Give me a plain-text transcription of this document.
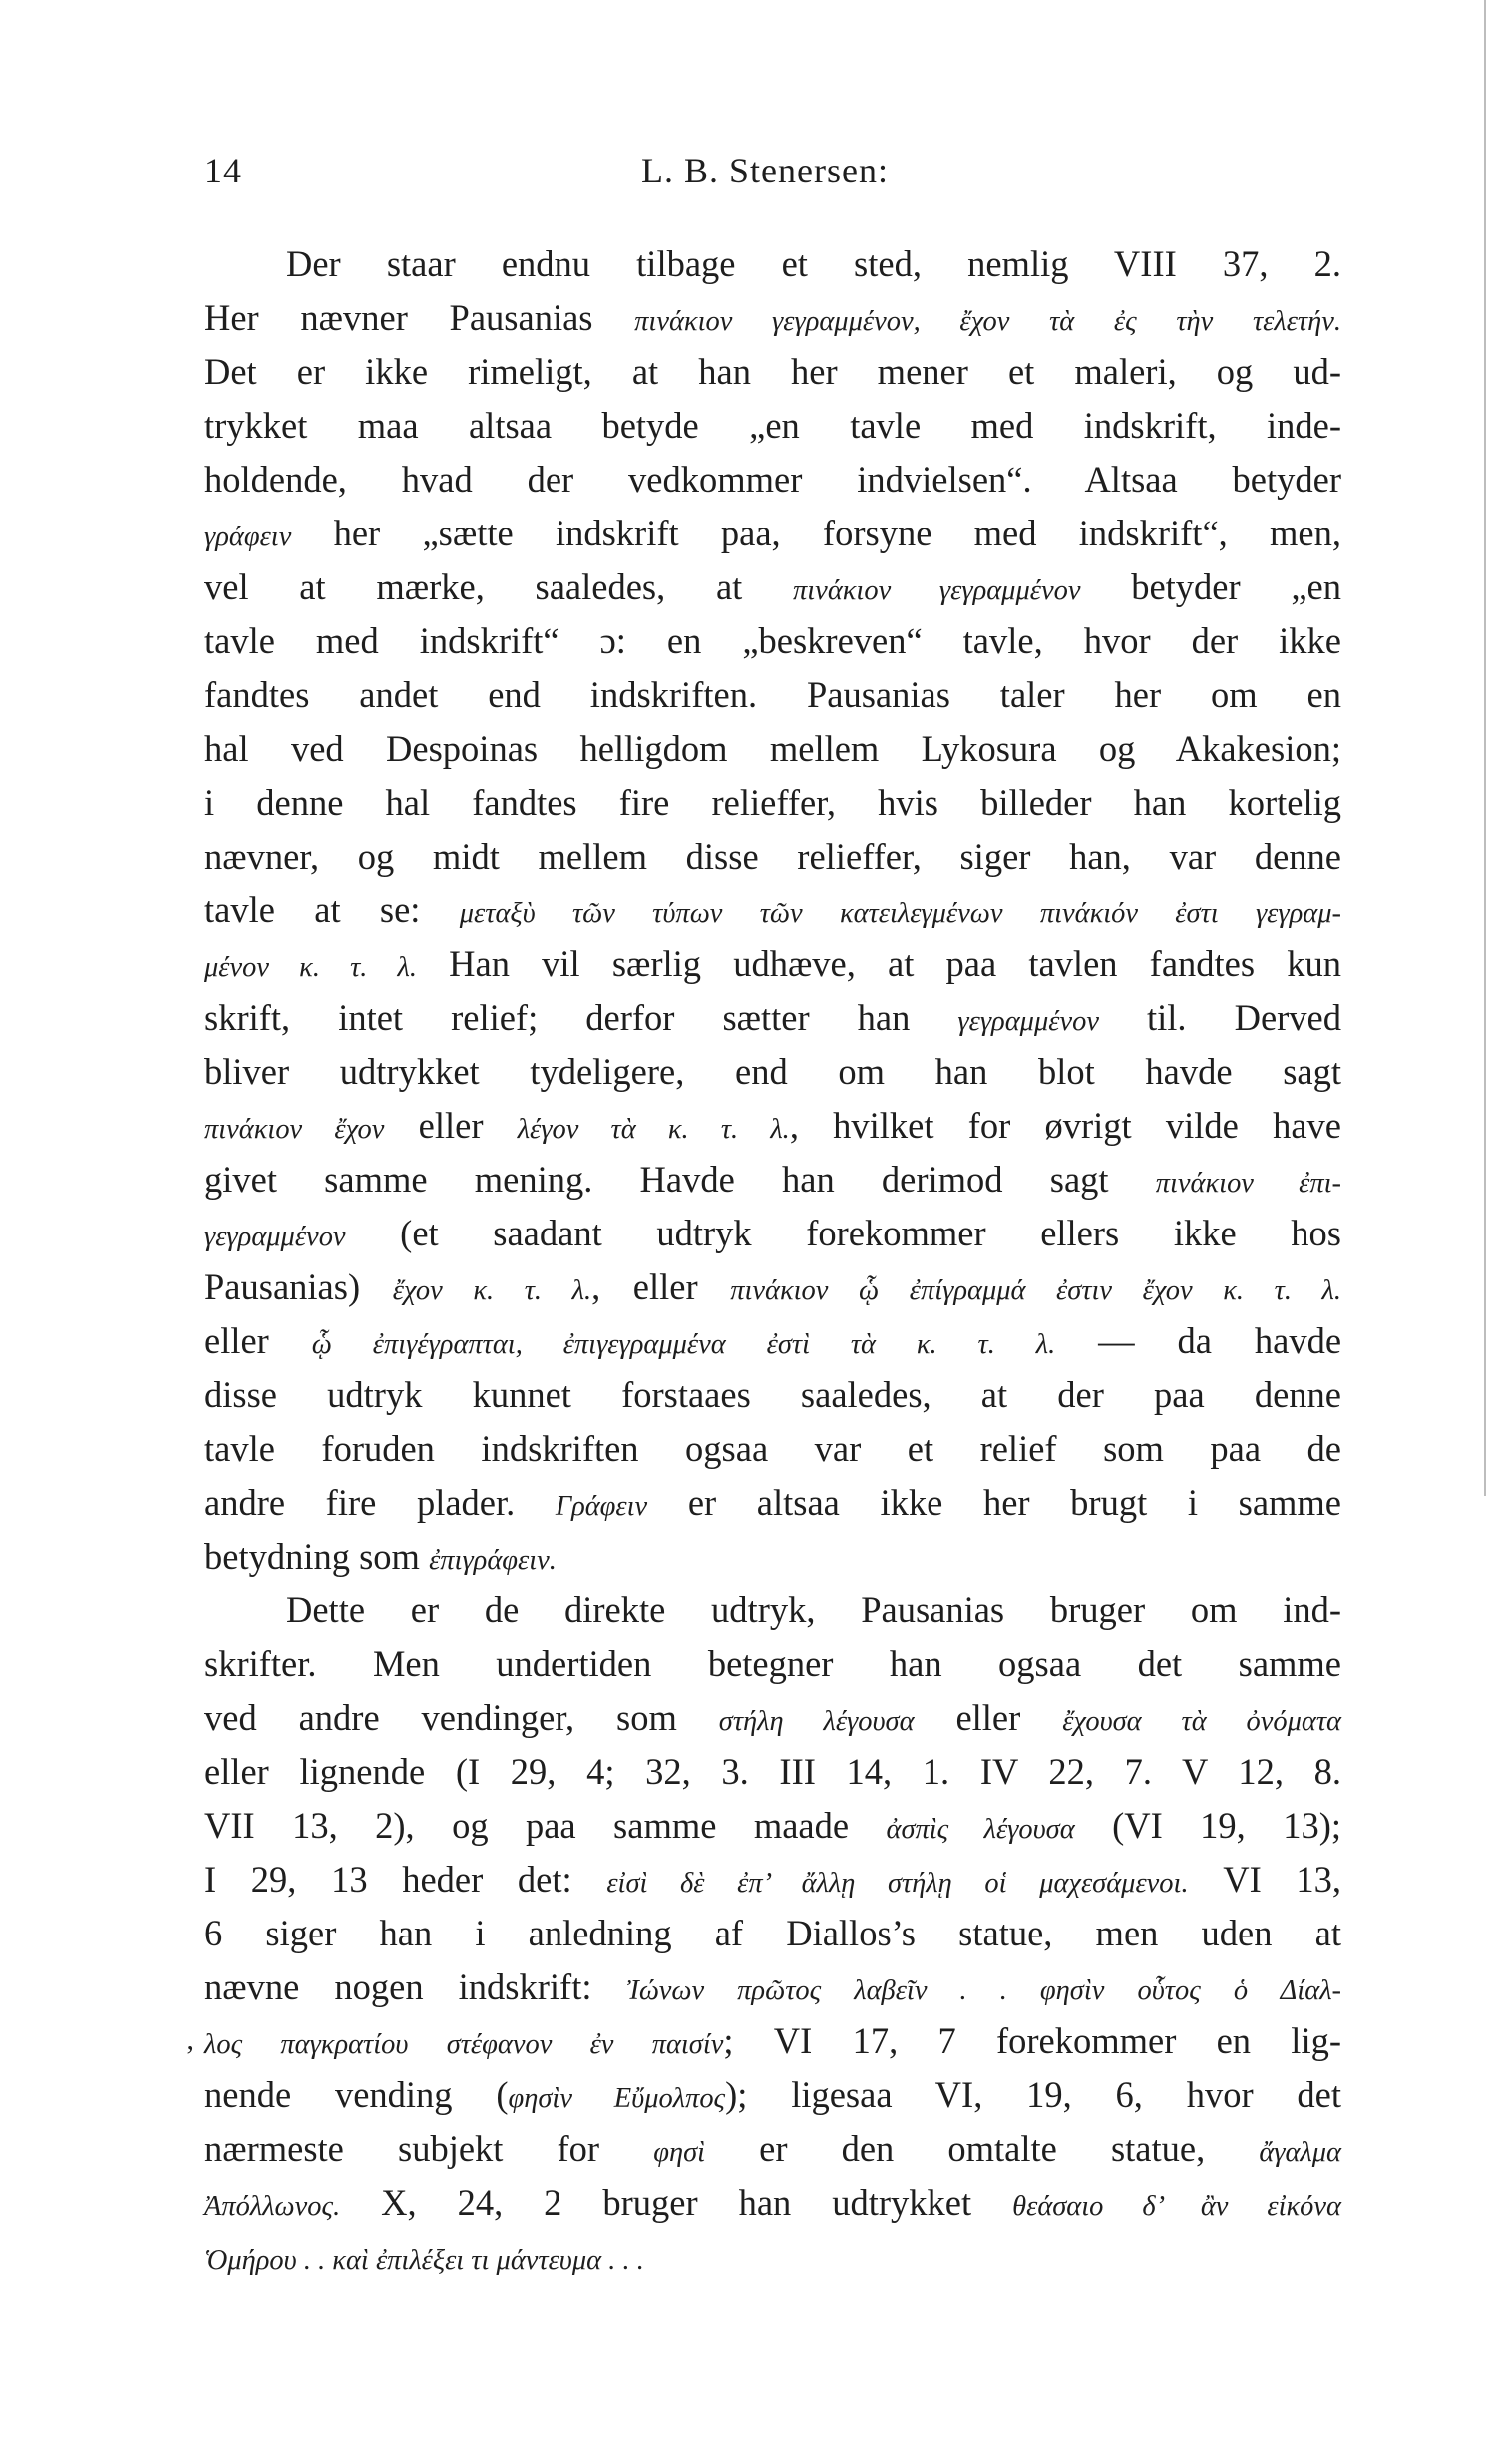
14	L. B. Stenersen:
‚
Der staar endnu tilbage et sted, nemlig VIII 37, 2.
Her nævner Pausanias πινάκιον γεγραμμένον, ἔχον τὰ ἐς τὴν τελετήν.
Det er ikke rimeligt, at han her mener et maleri, og ud-
trykket maa altsaa betyde „en tavle med indskrift, inde-
holdende, hvad der vedkommer indvielsen“. Altsaa betyder
γράφειν her „sætte indskrift paa, forsyne med indskrift“, men,
vel at mærke, saaledes, at πινάκιον γεγραμμένον betyder „en
tavle med indskrift“ ɔ: en „beskreven“ tavle, hvor der ikke
fandtes andet end indskriften. Pausanias taler her om en
hal ved Despoinas helligdom mellem Lykosura og Akakesion;
i denne hal fandtes fire relieffer, hvis billeder han kortelig
nævner, og midt mellem disse relieffer, siger han, var denne
tavle at se: μεταξὺ τῶν τύπων τῶν κατειλεγμένων πινάκιόν ἐστι γεγραμ-
μένον κ. τ. λ. Han vil særlig udhæve, at paa tavlen fandtes kun
skrift, intet relief; derfor sætter han γεγραμμένον til. Derved
bliver udtrykket tydeligere, end om han blot havde sagt
πινάκιον ἔχον eller λέγον τὰ κ. τ. λ., hvilket for øvrigt vilde have
givet samme mening. Havde han derimod sagt πινάκιον ἐπι-
γεγραμμένον (et saadant udtryk forekommer ellers ikke hos
Pausanias) ἔχον κ. τ. λ., eller πινάκιον ᾧ ἐπίγραμμά ἐστιν ἔχον κ. τ. λ.
eller ᾧ ἐπιγέγραπται, ἐπιγεγραμμένα ἐστὶ τὰ κ. τ. λ. — da havde
disse udtryk kunnet forstaaes saaledes, at der paa denne
tavle foruden indskriften ogsaa var et relief som paa de
andre fire plader. Γράφειν er altsaa ikke her brugt i samme
betydning som ἐπιγράφειν.
Dette er de direkte udtryk, Pausanias bruger om ind-
skrifter. Men undertiden betegner han ogsaa det samme
ved andre vendinger, som στήλη λέγουσα eller ἔχουσα τὰ ὀνόματα
eller lignende (I 29, 4; 32, 3. III 14, 1. IV 22, 7. V 12, 8.
VII 13, 2), og paa samme maade ἀσπὶς λέγουσα (VI 19, 13);
I 29, 13 heder det: εἰσὶ δὲ ἐπ’ ἄλλῃ στήλῃ οἱ μαχεσάμενοι. VI 13,
6 siger han i anledning af Diallos’s statue, men uden at
nævne nogen indskrift: Ἰώνων πρῶτος λαβεῖν . . φησὶν οὗτος ὁ Δίαλ-
λος παγκρατίου στέφανον ἐν παισίν; VI 17, 7 forekommer en lig-
nende vending (φησὶν Εὔμολπος); ligesaa VI, 19, 6, hvor det
nærmeste subjekt for φησὶ er den omtalte statue, ἄγαλμα
Ἀπόλλωνος. X, 24, 2 bruger han udtrykket θεάσαιο δ’ ἂν εἰκόνα
Ὁμήρου . . καὶ ἐπιλέξει τι μάντευμα . . .
